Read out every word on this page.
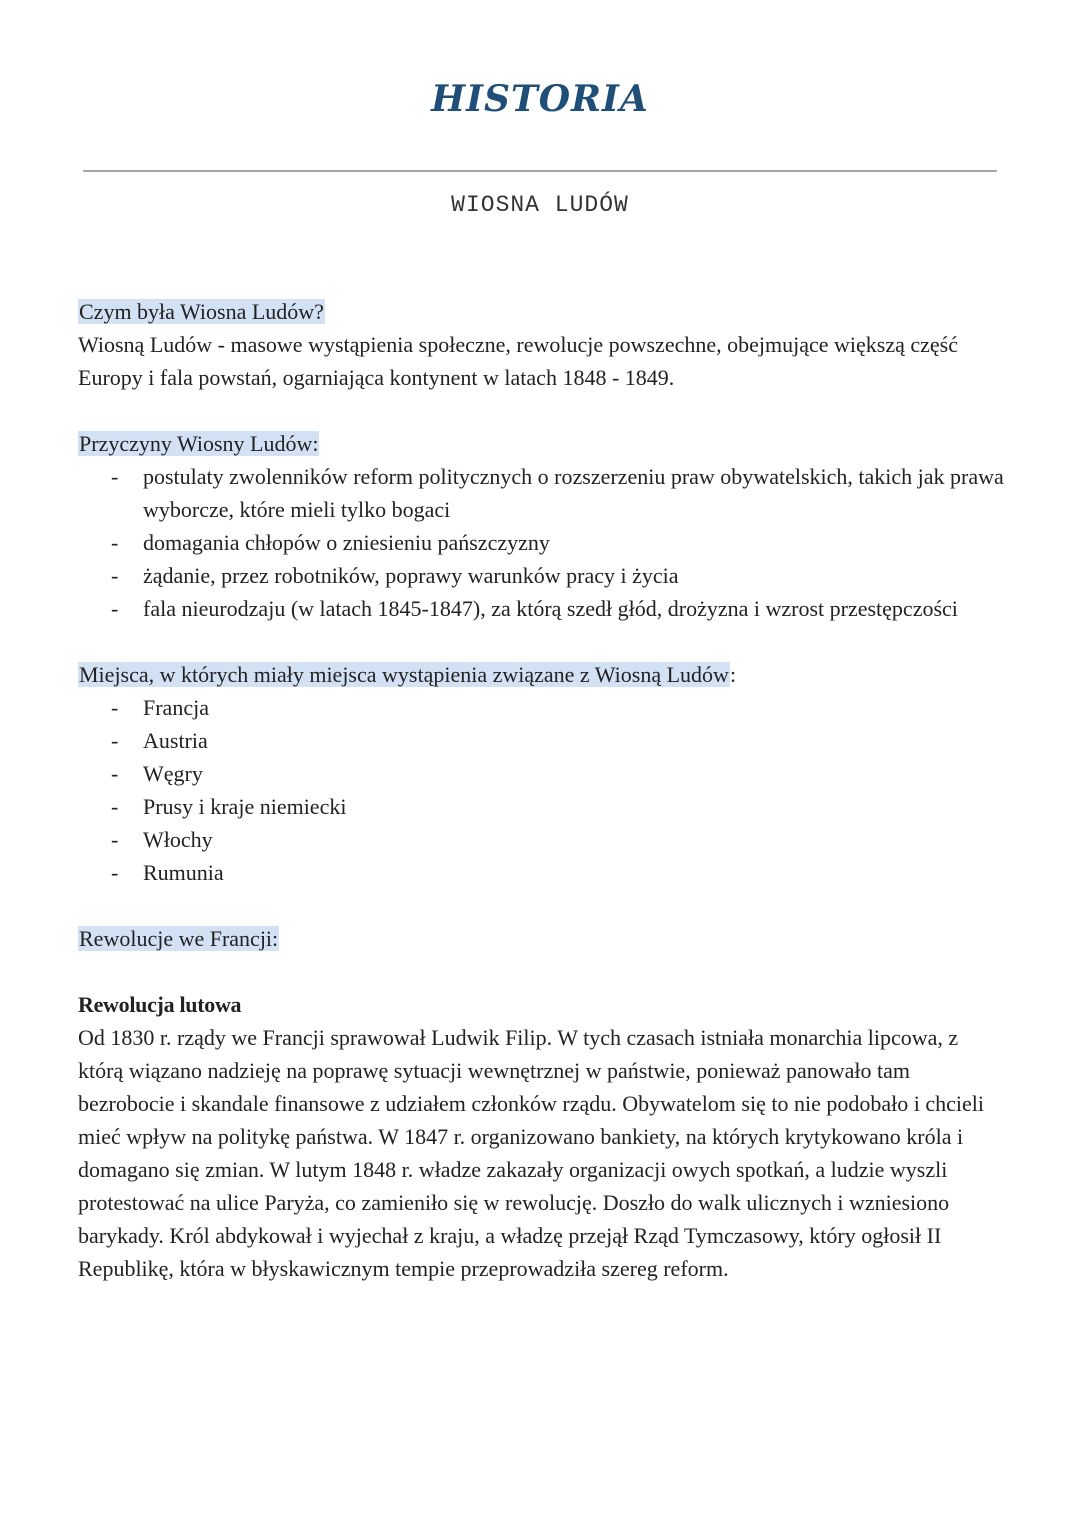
HISTORIA
WIOSNA LUDÓW

Czym była Wiosna Ludów?

Wiosną Ludów - masowe wystąpienia społeczne, rewolucje powszechne, obejmujące większą część Europy i fala powstań, ogarniająca kontynent w latach 1848 - 1849.

Przyczyny Wiosny Ludów:

- postulaty zwolenników reform politycznych o rozszerzeniu praw obywatelskich, takich jak prawa wyborcze, które mieli tylko bogaci
- domagania chłopów o zniesieniu pańszczyzny
- żądanie, przez robotników, poprawy warunków pracy i życia
- fala nieurodzaju (w latach 1845-1847), za którą szedł głód, drożyzna i wzrost przestępczości

Miejsca, w których miały miejsca wystąpienia związane z Wiosną Ludów:

- Francja
- Austria
- Węgry
- Prusy i kraje niemiecki
- Włochy
- Rumunia

Rewolucje we Francji:

Rewolucja lutowa

Od 1830 r. rządy we Francji sprawował Ludwik Filip. W tych czasach istniała monarchia lipcowa, z którą wiązano nadzieję na poprawę sytuacji wewnętrznej w państwie, ponieważ panowało tam bezrobocie i skandale finansowe z udziałem członków rządu. Obywatelom się to nie podobało i chcieli mieć wpływ na politykę państwa. W 1847 r. organizowano bankiety, na których krytykowano króla i domagano się zmian. W lutym 1848 r. władze zakazały organizacji owych spotkań, a ludzie wyszli protestować na ulice Paryża, co zamieniło się w rewolucję. Doszło do walk ulicznych i wzniesiono barykady. Król abdykował i wyjechał z kraju, a władzę przejął Rząd Tymczasowy, który ogłosił II Republikę, która w błyskawicznym tempie przeprowadziła szereg reform.
